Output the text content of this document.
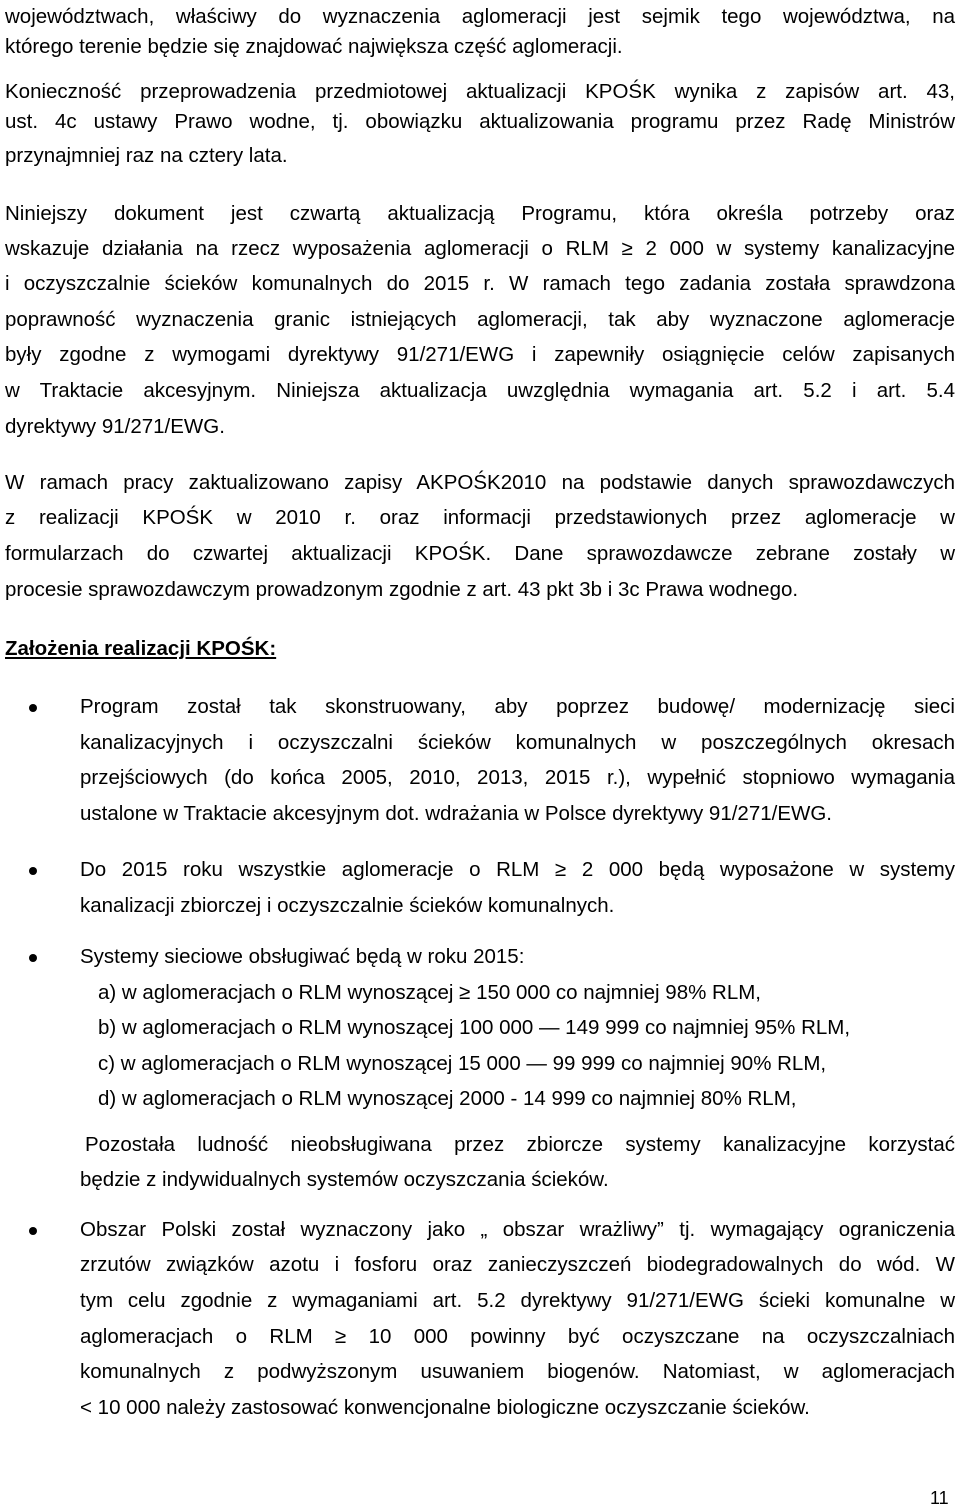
województwach, właściwy do wyznaczenia aglomeracji jest sejmik tego województwa, na
którego terenie będzie się znajdować największa część aglomeracji.
Konieczność przeprowadzenia przedmiotowej aktualizacji KPOŚK wynika z zapisów art. 43,
ust. 4c ustawy Prawo wodne, tj. obowiązku aktualizowania programu przez Radę Ministrów
przynajmniej raz na cztery lata.
Niniejszy dokument jest czwartą aktualizacją Programu, która określa potrzeby oraz
wskazuje działania na rzecz wyposażenia aglomeracji o RLM ≥ 2 000 w systemy kanalizacyjne
i oczyszczalnie ścieków komunalnych do 2015 r. W ramach tego zadania została sprawdzona
poprawność wyznaczenia granic istniejących aglomeracji, tak aby wyznaczone aglomeracje
były zgodne z wymogami dyrektywy 91/271/EWG i zapewniły osiągnięcie celów zapisanych
w Traktacie akcesyjnym. Niniejsza aktualizacja uwzględnia wymagania art. 5.2 i art. 5.4
dyrektywy 91/271/EWG.
W ramach pracy zaktualizowano zapisy AKPOŚK2010 na podstawie danych sprawozdawczych
z realizacji KPOŚK w 2010 r. oraz informacji przedstawionych przez aglomeracje w
formularzach do czwartej aktualizacji KPOŚK. Dane sprawozdawcze zebrane zostały w
procesie sprawozdawczym prowadzonym zgodnie z art. 43 pkt 3b i 3c Prawa wodnego.
Założenia realizacji KPOŚK:
Program został tak skonstruowany, aby poprzez budowę/ modernizację sieci
kanalizacyjnych i oczyszczalni ścieków komunalnych w poszczególnych okresach
przejściowych (do końca 2005, 2010, 2013, 2015 r.), wypełnić stopniowo wymagania
ustalone w Traktacie akcesyjnym dot. wdrażania w Polsce dyrektywy 91/271/EWG.
Do 2015 roku wszystkie aglomeracje o RLM ≥ 2 000 będą wyposażone w systemy
kanalizacji zbiorczej i oczyszczalnie ścieków komunalnych.
Systemy sieciowe obsługiwać będą w roku 2015:
a) w aglomeracjach o RLM wynoszącej ≥ 150 000 co najmniej 98% RLM,
b) w aglomeracjach o RLM wynoszącej 100 000 — 149 999 co najmniej 95% RLM,
c) w aglomeracjach o RLM wynoszącej 15 000 — 99 999 co najmniej 90% RLM,
d) w aglomeracjach o RLM wynoszącej 2000 - 14 999 co najmniej 80% RLM,
Pozostała ludność nieobsługiwana przez zbiorcze systemy kanalizacyjne korzystać
będzie z indywidualnych systemów oczyszczania ścieków.
Obszar Polski został wyznaczony jako „ obszar wrażliwy” tj. wymagający ograniczenia
zrzutów związków azotu i fosforu oraz zanieczyszczeń biodegradowalnych do wód. W
tym celu zgodnie z wymaganiami art. 5.2 dyrektywy 91/271/EWG ścieki komunalne w
aglomeracjach o RLM ≥ 10 000 powinny być oczyszczane na oczyszczalniach
komunalnych z podwyższonym usuwaniem biogenów. Natomiast, w aglomeracjach
< 10 000 należy zastosować konwencjonalne biologiczne oczyszczanie ścieków.
11
